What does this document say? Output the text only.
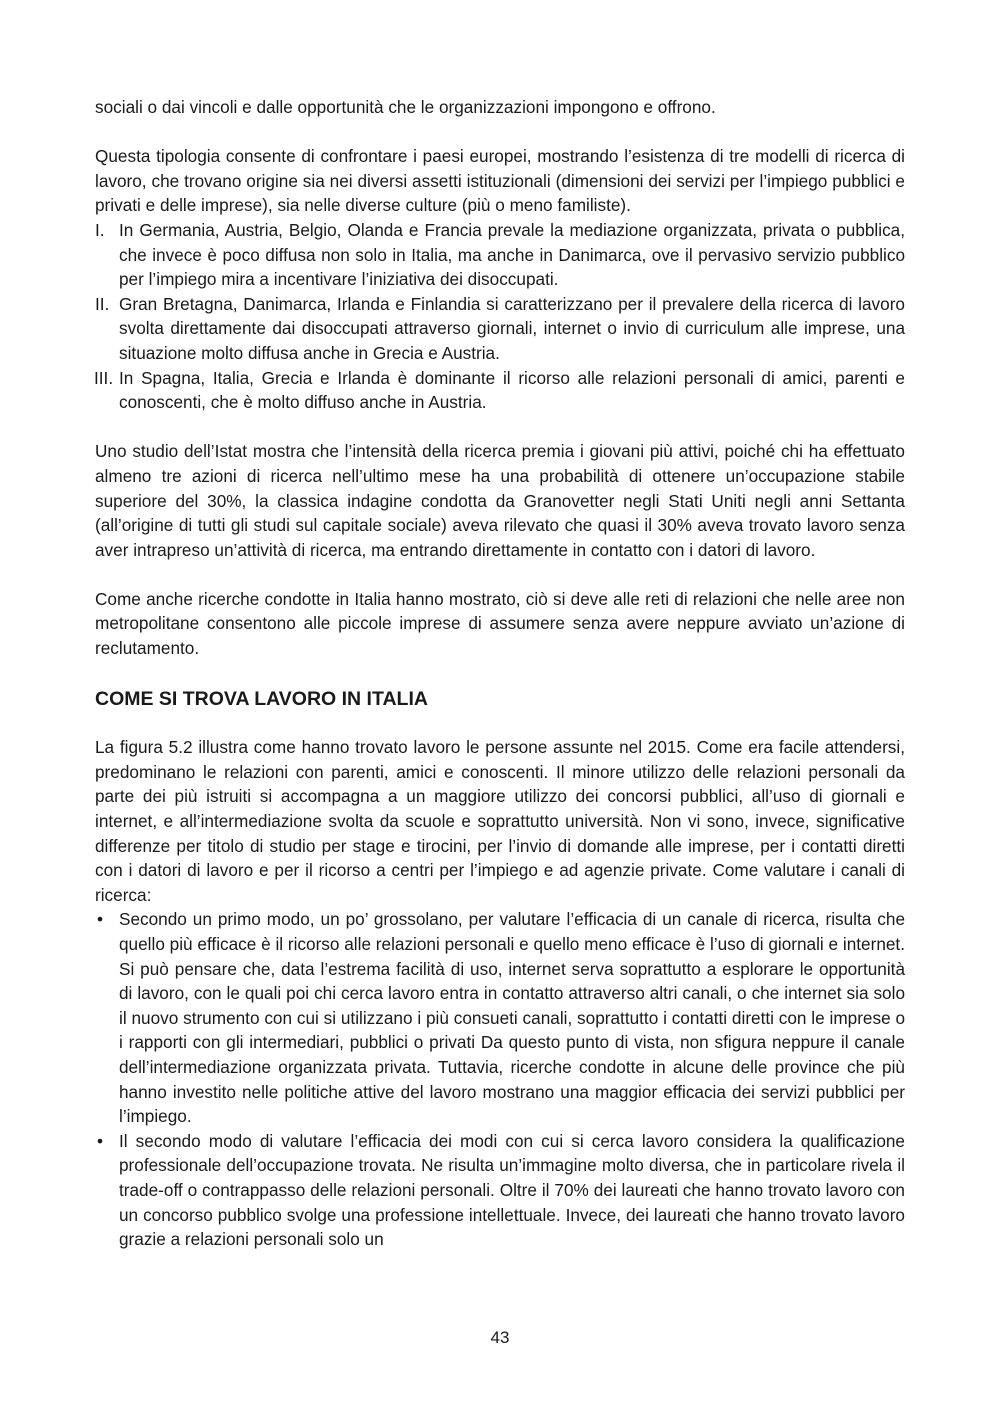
sociali o dai vincoli e dalle opportunità che le organizzazioni impongono e offrono.

Questa tipologia consente di confrontare i paesi europei, mostrando l’esistenza di tre modelli di ricerca di lavoro, che trovano origine sia nei diversi assetti istituzionali (dimensioni dei servizi per l’impiego pubblici e privati e delle imprese), sia nelle diverse culture (più o meno familiste).

I. In Germania, Austria, Belgio, Olanda e Francia prevale la mediazione organizzata, privata o pubblica, che invece è poco diffusa non solo in Italia, ma anche in Danimarca, ove il pervasivo servizio pubblico per l’impiego mira a incentivare l’iniziativa dei disoccupati.
II. Gran Bretagna, Danimarca, Irlanda e Finlandia si caratterizzano per il prevalere della ricerca di lavoro svolta direttamente dai disoccupati attraverso giornali, internet o invio di curriculum alle imprese, una situazione molto diffusa anche in Grecia e Austria.
III. In Spagna, Italia, Grecia e Irlanda è dominante il ricorso alle relazioni personali di amici, parenti e conoscenti, che è molto diffuso anche in Austria.

Uno studio dell’Istat mostra che l’intensità della ricerca premia i giovani più attivi, poiché chi ha effettuato almeno tre azioni di ricerca nell’ultimo mese ha una probabilità di ottenere un’occupazione stabile superiore del 30%, la classica indagine condotta da Granovetter negli Stati Uniti negli anni Settanta (all’origine di tutti gli studi sul capitale sociale) aveva rilevato che quasi il 30% aveva trovato lavoro senza aver intrapreso un’attività di ricerca, ma entrando direttamente in contatto con i datori di lavoro.

Come anche ricerche condotte in Italia hanno mostrato, ciò si deve alle reti di relazioni che nelle aree non metropolitane consentono alle piccole imprese di assumere senza avere neppure avviato un’azione di reclutamento.

COME SI TROVA LAVORO IN ITALIA

La figura 5.2 illustra come hanno trovato lavoro le persone assunte nel 2015. Come era facile attendersi, predominano le relazioni con parenti, amici e conoscenti. Il minore utilizzo delle relazioni personali da parte dei più istruiti si accompagna a un maggiore utilizzo dei concorsi pubblici, all’uso di giornali e internet, e all’intermediazione svolta da scuole e soprattutto università. Non vi sono, invece, significative differenze per titolo di studio per stage e tirocini, per l’invio di domande alle imprese, per i contatti diretti con i datori di lavoro e per il ricorso a centri per l’impiego e ad agenzie private. Come valutare i canali di ricerca:

• Secondo un primo modo, un po’ grossolano, per valutare l’efficacia di un canale di ricerca, risulta che quello più efficace è il ricorso alle relazioni personali e quello meno efficace è l’uso di giornali e internet. Si può pensare che, data l’estrema facilità di uso, internet serva soprattutto a esplorare le opportunità di lavoro, con le quali poi chi cerca lavoro entra in contatto attraverso altri canali, o che internet sia solo il nuovo strumento con cui si utilizzano i più consueti canali, soprattutto i contatti diretti con le imprese o i rapporti con gli intermediari, pubblici o privati Da questo punto di vista, non sfigura neppure il canale dell’intermediazione organizzata privata. Tuttavia, ricerche condotte in alcune delle province che più hanno investito nelle politiche attive del lavoro mostrano una maggior efficacia dei servizi pubblici per l’impiego.
• Il secondo modo di valutare l’efficacia dei modi con cui si cerca lavoro considera la qualificazione professionale dell’occupazione trovata. Ne risulta un’immagine molto diversa, che in particolare rivela il trade-off o contrappasso delle relazioni personali. Oltre il 70% dei laureati che hanno trovato lavoro con un concorso pubblico svolge una professione intellettuale. Invece, dei laureati che hanno trovato lavoro grazie a relazioni personali solo un
43
